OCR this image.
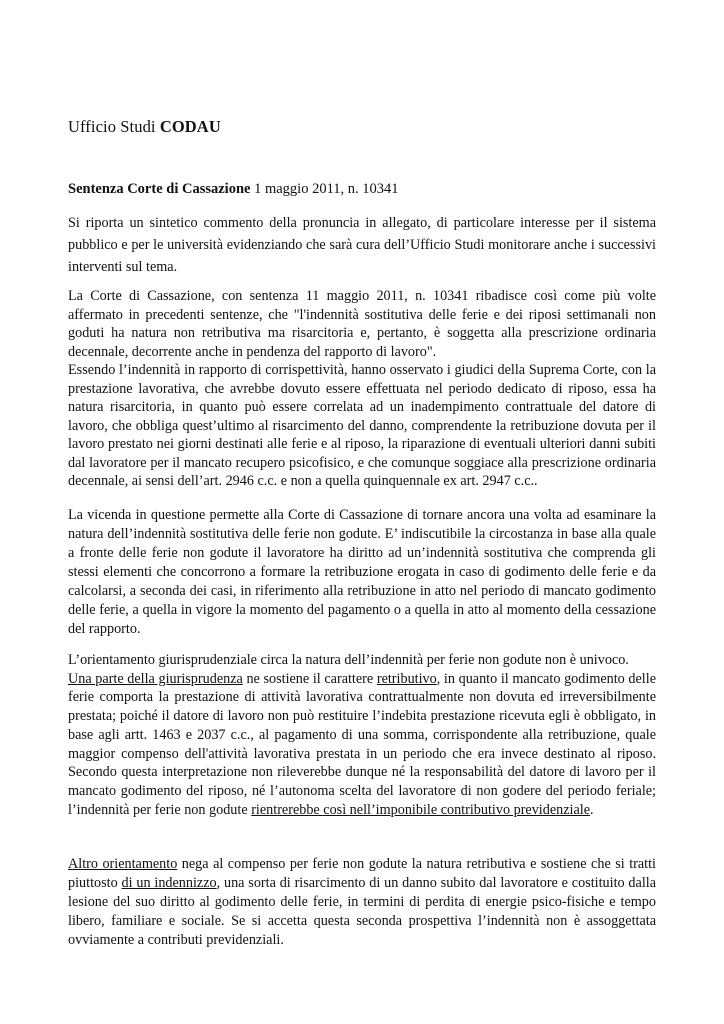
Ufficio Studi CODAU
Sentenza Corte di Cassazione 1 maggio 2011, n. 10341
Si riporta un sintetico commento della pronuncia in allegato, di particolare interesse per il sistema pubblico e per le università evidenziando che sarà cura dell’Ufficio Studi monitorare anche i successivi interventi sul tema.
La Corte di Cassazione, con sentenza 11 maggio 2011, n. 10341 ribadisce così come più volte affermato in precedenti sentenze, che "l'indennità sostitutiva delle ferie e dei riposi settimanali non goduti ha natura non retributiva ma risarcitoria e, pertanto, è soggetta alla prescrizione ordinaria decennale, decorrente anche in pendenza del rapporto di lavoro".
Essendo l’indennità in rapporto di corrispettività, hanno osservato i giudici della Suprema Corte, con la prestazione lavorativa, che avrebbe dovuto essere effettuata nel periodo dedicato di riposo, essa ha natura risarcitoria, in quanto può essere correlata ad un inadempimento contrattuale del datore di lavoro, che obbliga quest’ultimo al risarcimento del danno, comprendente la retribuzione dovuta per il lavoro prestato nei giorni destinati alle ferie e al riposo, la riparazione di eventuali ulteriori danni subiti dal lavoratore per il mancato recupero psicofisico, e che comunque soggiace alla prescrizione ordinaria decennale, ai sensi dell’art. 2946 c.c. e non a quella quinquennale ex art. 2947 c.c..
La vicenda in questione permette alla Corte di Cassazione di tornare ancora una volta ad esaminare la natura dell’indennità sostitutiva delle ferie non godute. E’ indiscutibile la circostanza in base alla quale a fronte delle ferie non godute il lavoratore ha diritto ad un’indennità sostitutiva che comprenda gli stessi elementi che concorrono a formare la retribuzione erogata in caso di godimento delle ferie e da calcolarsi, a seconda dei casi, in riferimento alla retribuzione in atto nel periodo di mancato godimento delle ferie, a quella in vigore la momento del pagamento o a quella in atto al momento della cessazione del rapporto.
L’orientamento giurisprudenziale circa la natura dell’indennità per ferie non godute non è univoco.
Una parte della giurisprudenza ne sostiene il carattere retributivo, in quanto il mancato godimento delle ferie comporta la prestazione di attività lavorativa contrattualmente non dovuta ed irreversibilmente prestata; poiché il datore di lavoro non può restituire l’indebita prestazione ricevuta egli è obbligato, in base agli artt. 1463 e 2037 c.c., al pagamento di una somma, corrispondente alla retribuzione, quale maggior compenso dell'attività lavorativa prestata in un periodo che era invece destinato al riposo. Secondo questa interpretazione non rileverebbe dunque né la responsabilità del datore di lavoro per il mancato godimento del riposo, né l’autonoma scelta del lavoratore di non godere del periodo feriale; l’indennità per ferie non godute rientrerebbe così nell’imponibile contributivo previdenziale.
Altro orientamento nega al compenso per ferie non godute la natura retributiva e sostiene che si tratti piuttosto di un indennizzo, una sorta di risarcimento di un danno subito dal lavoratore e costituito dalla lesione del suo diritto al godimento delle ferie, in termini di perdita di energie psico-fisiche e tempo libero, familiare e sociale. Se si accetta questa seconda prospettiva l’indennità non è assoggettata ovviamente a contributi previdenziali.
